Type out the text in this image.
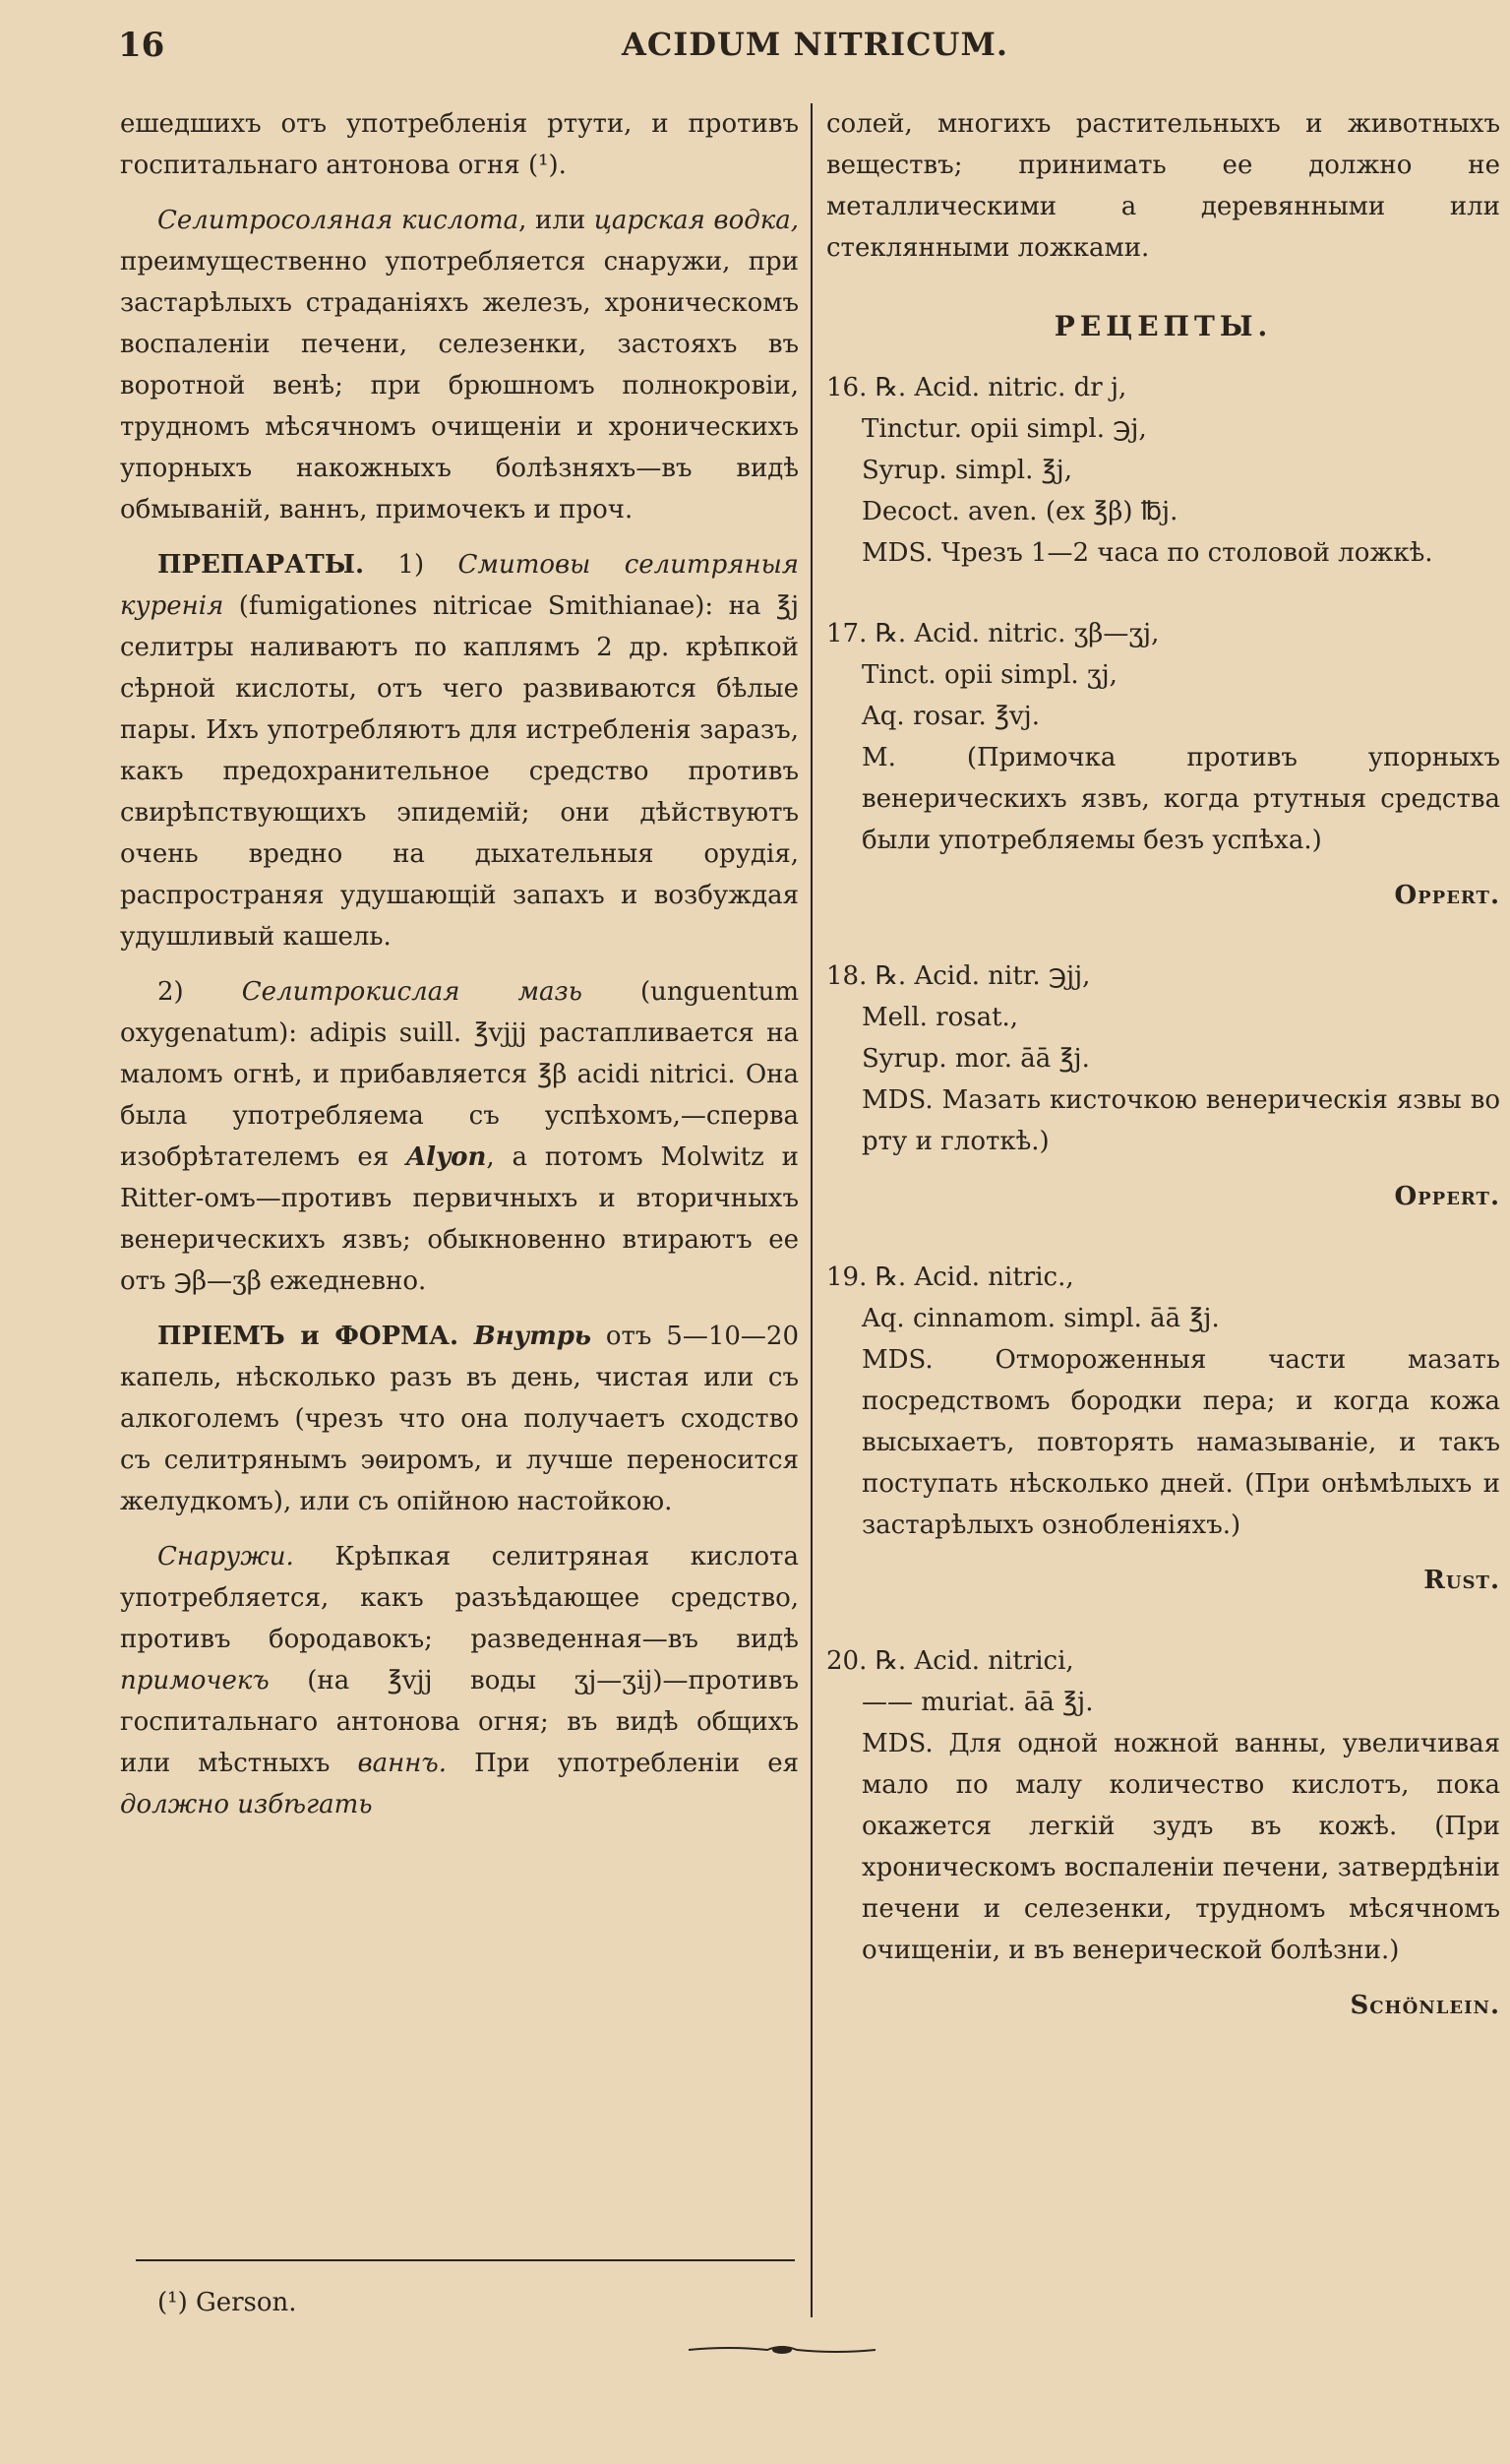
16	ACIDUM NITRICUM.

ешедшихъ отъ употребленія ртути, и противъ госпитальнаго антонова огня (¹).

Селитросоляная кислота, или царская водка, преимущественно употребляется снаружи, при застарѣлыхъ страданіяхъ железъ, хроническомъ воспаленіи печени, селезенки, застояхъ въ воротной венѣ; при брюшномъ полнокровіи, трудномъ мѣсячномъ очищеніи и хроническихъ упорныхъ накожныхъ болѣзняхъ—въ видѣ обмываній, ваннъ, примочекъ и проч.

ПРЕПАРАТЫ. 1) Смитовы селитряныя куренія (fumigationes nitricae Smithianae): на ℥j селитры наливаютъ по каплямъ 2 др. крѣпкой сѣрной кислоты, отъ чего развиваются бѣлые пары. Ихъ употребляютъ для истребленія заразъ, какъ предохранительное средство противъ свирѣпствующихъ эпидемій; они дѣйствуютъ очень вредно на дыхательныя орудія, распространяя удушающій запахъ и возбуждая удушливый кашель.

2) Селитрокислая мазь (unguentum oxygenatum): adipis suill. ℥vjjj растапливается на маломъ огнѣ, и прибавляется ℥β acidi nitrici. Она была употребляема съ успѣхомъ,—сперва изобрѣтателемъ ея Alyon, а потомъ Molwitz и Ritter-омъ—противъ первичныхъ и вторичныхъ венерическихъ язвъ; обыкновенно втираютъ ее отъ ℈β—ʒβ ежедневно.

ПРІЕМЪ и ФОРМА. Внутрь отъ 5—10—20 капель, нѣсколько разъ въ день, чистая или съ алкоголемъ (чрезъ что она получаетъ сходство съ селитрянымъ эѳиромъ, и лучше переносится желудкомъ), или съ опійною настойкою.

Снаружи. Крѣпкая селитряная кислота употребляется, какъ разъѣдающее средство, противъ бородавокъ; разведенная—въ видѣ примочекъ (на ℥vjj воды ʒj—ʒij)—противъ госпитальнаго антонова огня; въ видѣ общихъ или мѣстныхъ ваннъ. При употребленіи ея должно избѣгать

солей, многихъ растительныхъ и животныхъ веществъ; принимать ее должно не металлическими а деревянными или стеклянными ложками.

РЕЦЕПТЫ.

16. ℞. Acid. nitric. dr j,

Tinctur. opii simpl. ℈j,

Syrup. simpl. ℥j,

Decoct. aven. (ex ℥β) ℔j.

MDS. Чрезъ 1—2 часа по столовой ложкѣ.

17. ℞. Acid. nitric. ʒβ—ʒj,

Tinct. opii simpl. ʒj,

Aq. rosar. ℥vj.

M. (Примочка противъ упорныхъ венерическихъ язвъ, когда ртутныя средства были употребляемы безъ успѣха.)

Oppert.

18. ℞. Acid. nitr. ℈jj,

Mell. rosat.,

Syrup. mor. āā ℥j.

MDS. Мазать кисточкою венерическія язвы во рту и глоткѣ.)

Oppert.

19. ℞. Acid. nitric.,

Aq. cinnamom. simpl. āā ℥j.

MDS. Отмороженныя части мазать посредствомъ бородки пера; и когда кожа высыхаетъ, повторять намазываніе, и такъ поступать нѣсколько дней. (При онѣмѣлыхъ и застарѣлыхъ ознобленіяхъ.)

Rust.

20. ℞. Acid. nitrici,

—— muriat. āā ℥j.

MDS. Для одной ножной ванны, увеличивая мало по малу количество кислотъ, пока окажется легкій зудъ въ кожѣ. (При хроническомъ воспаленіи печени, затвердѣніи печени и селезенки, трудномъ мѣсячномъ очищеніи, и въ венерической болѣзни.)

Schönlein.

(¹) Gerson.
